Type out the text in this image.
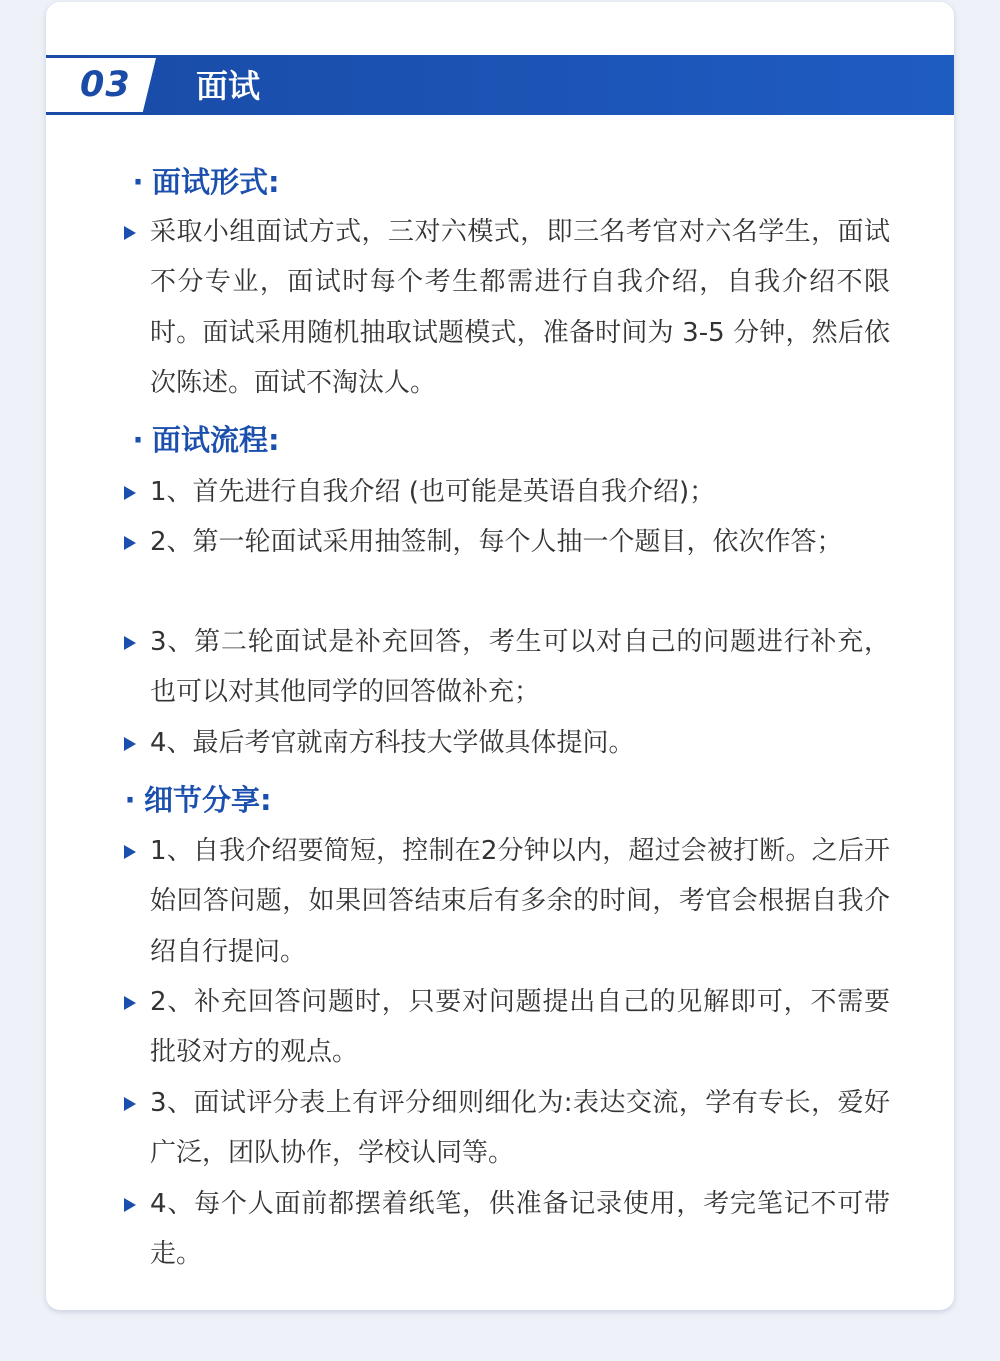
03	面试
· 面试形式:
采取小组面试方式，三对六模式，即三名考官对六名学生，面试不分专业，面试时每个考生都需进行自我介绍，自我介绍不限时。面试采用随机抽取试题模式，准备时间为 3-5 分钟，然后依次陈述。面试不淘汰人。
· 面试流程:
1、首先进行自我介绍 (也可能是英语自我介绍)；
2、第一轮面试采用抽签制，每个人抽一个题目，依次作答；
3、第二轮面试是补充回答，考生可以对自己的问题进行补充，也可以对其他同学的回答做补充；
4、最后考官就南方科技大学做具体提问。
· 细节分享:
1、自我介绍要简短，控制在2分钟以内，超过会被打断。之后开始回答问题，如果回答结束后有多余的时间，考官会根据自我介绍自行提问。
2、补充回答问题时，只要对问题提出自己的见解即可，不需要批驳对方的观点。
3、面试评分表上有评分细则细化为:表达交流，学有专长，爱好广泛，团队协作，学校认同等。
4、每个人面前都摆着纸笔，供准备记录使用，考完笔记不可带走。
